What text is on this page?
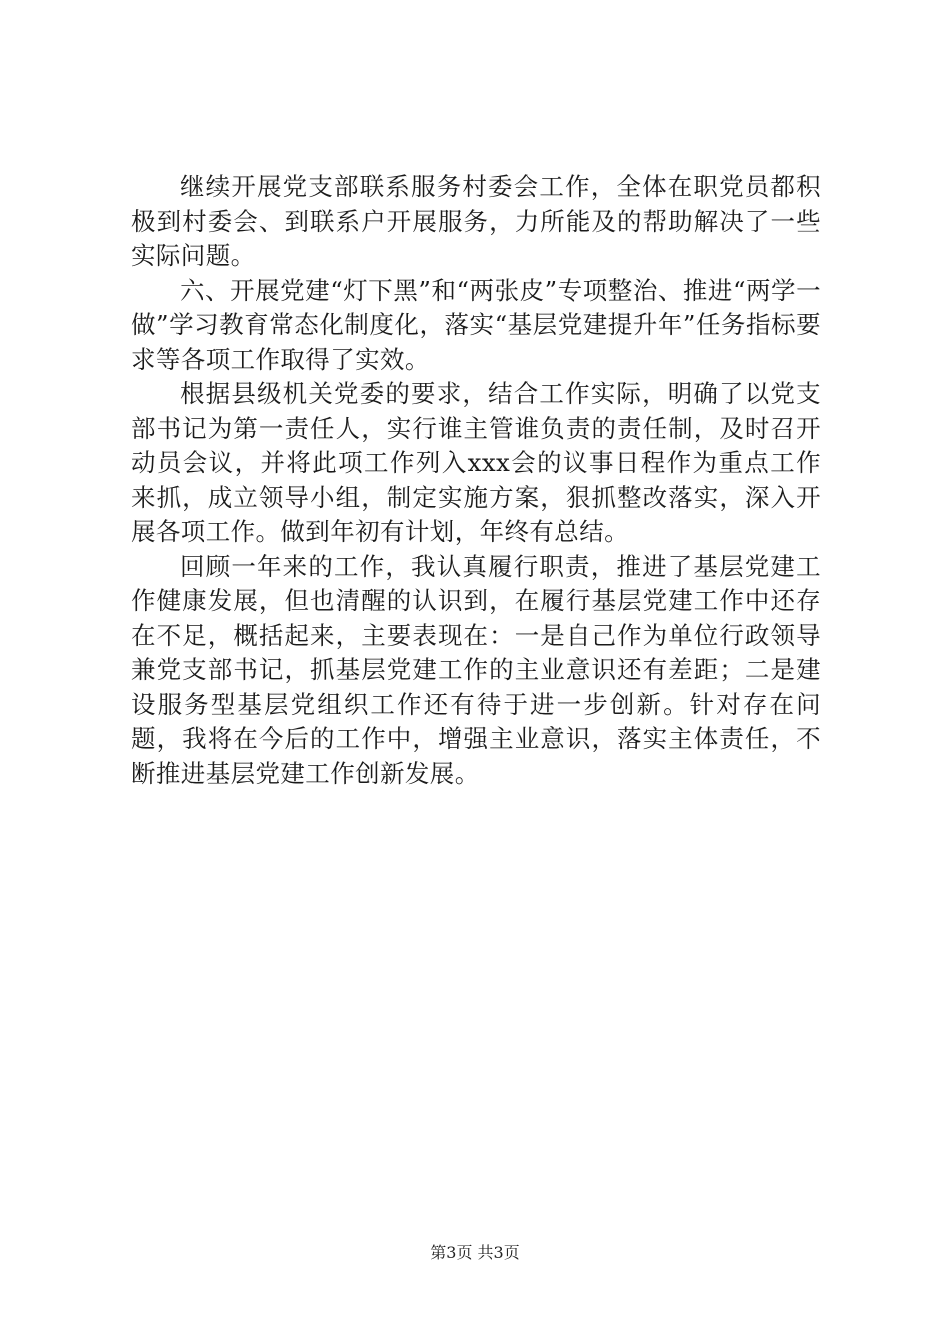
继续开展党支部联系服务村委会工作，全体在职党员都积极到村委会、到联系户开展服务，力所能及的帮助解决了一些实际问题。

六、开展党建“灯下黑”和“两张皮”专项整治、推进“两学一做”学习教育常态化制度化，落实“基层党建提升年”任务指标要求等各项工作取得了实效。

根据县级机关党委的要求，结合工作实际，明确了以党支部书记为第一责任人，实行谁主管谁负责的责任制，及时召开动员会议，并将此项工作列入xxx会的议事日程作为重点工作来抓，成立领导小组，制定实施方案，狠抓整改落实，深入开展各项工作。做到年初有计划，年终有总结。

回顾一年来的工作，我认真履行职责，推进了基层党建工作健康发展，但也清醒的认识到，在履行基层党建工作中还存在不足，概括起来，主要表现在：一是自己作为单位行政领导兼党支部书记，抓基层党建工作的主业意识还有差距；二是建设服务型基层党组织工作还有待于进一步创新。针对存在问题，我将在今后的工作中，增强主业意识，落实主体责任，不断推进基层党建工作创新发展。

第3页 共3页
